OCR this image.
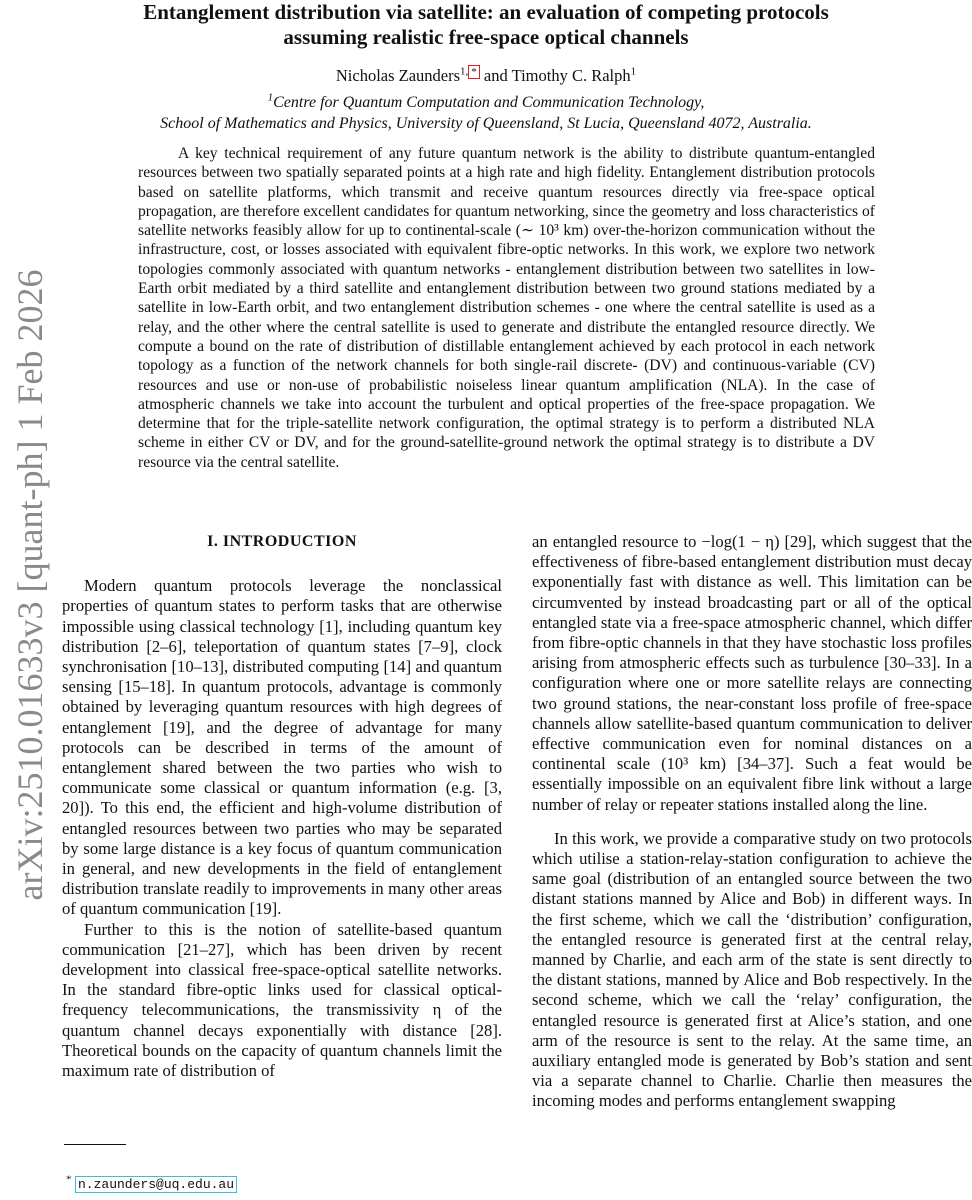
arXiv:2510.01633v3 [quant-ph] 1 Feb 2026
Entanglement distribution via satellite: an evaluation of competing protocols
assuming realistic free-space optical channels
Nicholas Zaunders$^{1,}$ * and Timothy C. Ralph$^1$
$^1$Centre for Quantum Computation and Communication Technology,
School of Mathematics and Physics, University of Queensland, St Lucia, Queensland 4072, Australia.

A key technical requirement of any future quantum network is the ability to distribute quantum-entangled resources between two spatially separated points at a high rate and high fidelity. Entanglement distribution protocols based on satellite platforms, which transmit and receive quantum resources directly via free-space optical propagation, are therefore excellent candidates for quantum networking, since the geometry and loss characteristics of satellite networks feasibly allow for up to continental-scale (∼ 10³ km) over-the-horizon communication without the infrastructure, cost, or losses associated with equivalent fibre-optic networks. In this work, we explore two network topologies commonly associated with quantum networks - entanglement distribution between two satellites in low-Earth orbit mediated by a third satellite and entanglement distribution between two ground stations mediated by a satellite in low-Earth orbit, and two entanglement distribution schemes - one where the central satellite is used as a relay, and the other where the central satellite is used to generate and distribute the entangled resource directly. We compute a bound on the rate of distribution of distillable entanglement achieved by each protocol in each network topology as a function of the network channels for both single-rail discrete- (DV) and continuous-variable (CV) resources and use or non-use of probabilistic noiseless linear quantum amplification (NLA). In the case of atmospheric channels we take into account the turbulent and optical properties of the free-space propagation. We determine that for the triple-satellite network configuration, the optimal strategy is to perform a distributed NLA scheme in either CV or DV, and for the ground-satellite-ground network the optimal strategy is to distribute a DV resource via the central satellite.

I. INTRODUCTION

Modern quantum protocols leverage the nonclassical properties of quantum states to perform tasks that are otherwise impossible using classical technology [1], including quantum key distribution [2–6], teleportation of quantum states [7–9], clock synchronisation [10–13], distributed computing [14] and quantum sensing [15–18]. In quantum protocols, advantage is commonly obtained by leveraging quantum resources with high degrees of entanglement [19], and the degree of advantage for many protocols can be described in terms of the amount of entanglement shared between the two parties who wish to communicate some classical or quantum information (e.g. [3, 20]). To this end, the efficient and high-volume distribution of entangled resources between two parties who may be separated by some large distance is a key focus of quantum communication in general, and new developments in the field of entanglement distribution translate readily to improvements in many other areas of quantum communication [19].

Further to this is the notion of satellite-based quantum communication [21–27], which has been driven by recent development into classical free-space-optical satellite networks. In the standard fibre-optic links used for classical optical-frequency telecommunications, the transmissivity η of the quantum channel decays exponentially with distance [28]. Theoretical bounds on the capacity of quantum channels limit the maximum rate of distribution of

an entangled resource to −log(1 − η) [29], which suggest that the effectiveness of fibre-based entanglement distribution must decay exponentially fast with distance as well. This limitation can be circumvented by instead broadcasting part or all of the optical entangled state via a free-space atmospheric channel, which differ from fibre-optic channels in that they have stochastic loss profiles arising from atmospheric effects such as turbulence [30–33]. In a configuration where one or more satellite relays are connecting two ground stations, the near-constant loss profile of free-space channels allow satellite-based quantum communication to deliver effective communication even for nominal distances on a continental scale (10³ km) [34–37]. Such a feat would be essentially impossible on an equivalent fibre link without a large number of relay or repeater stations installed along the line.

In this work, we provide a comparative study on two protocols which utilise a station-relay-station configuration to achieve the same goal (distribution of an entangled source between the two distant stations manned by Alice and Bob) in different ways. In the first scheme, which we call the ‘distribution’ configuration, the entangled resource is generated first at the central relay, manned by Charlie, and each arm of the state is sent directly to the distant stations, manned by Alice and Bob respectively. In the second scheme, which we call the ‘relay’ configuration, the entangled resource is generated first at Alice’s station, and one arm of the resource is sent to the relay. At the same time, an auxiliary entangled mode is generated by Bob’s station and sent via a separate channel to Charlie. Charlie then measures the incoming modes and performs entanglement swapping

* n.zaunders@uq.edu.au
